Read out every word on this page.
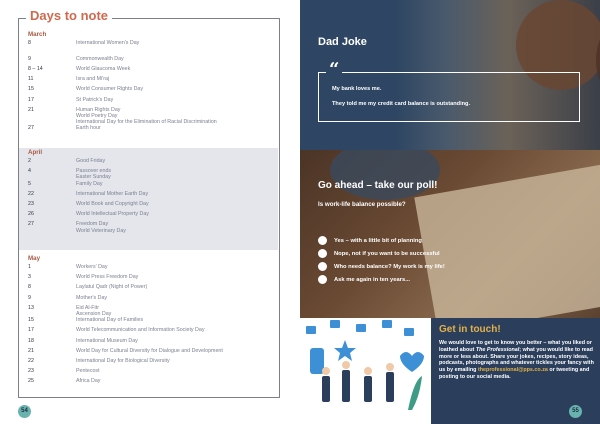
Days to note
March
8	International Women's Day
9	Commonwealth Day
8 – 14	World Glaucoma Week
11	Isra and Mi'raj
15	World Consumer Rights Day
17	St Patrick's Day
21	Human Rights Day
World Poetry Day
International Day for the Elimination of Racial Discrimination
27	Earth hour
April
2	Good Friday
4	Passover ends
Easter Sunday
5	Family Day
22	International Mother Earth Day
23	World Book and Copyright Day
26	World Intellectual Property Day
27	Freedom Day
World Veterinary Day
May
1	Workers' Day
3	World Press Freedom Day
8	Laylatul Qadr (Night of Power)
9	Mother's Day
13	Eid Al-Fitr
Ascension Day
15	International Day of Families
17	World Telecommunication and Information Society Day
18	International Museum Day
21	World Day for Cultural Diversity for Dialogue and Development
22	International Day for Biological Diversity
23	Pentecost
25	Africa Day
54
Dad Joke
“
My bank loves me.
They told me my credit card balance is outstanding.
Go ahead – take our poll!
Is work-life balance possible?
Yes – with a little bit of planning
Nope, not if you want to be successful
Who needs balance? My work is my life!
Ask me again in ten years...
Get in touch!
We would love to get to know you better – what you liked or loathed about The Professional; what you would like to read more or less about. Share your jokes, recipes, story ideas, podcasts, photographs and whatever tickles your fancy with us by emailing theprofessional@pps.co.za or tweeting and posting to our social media.
55
